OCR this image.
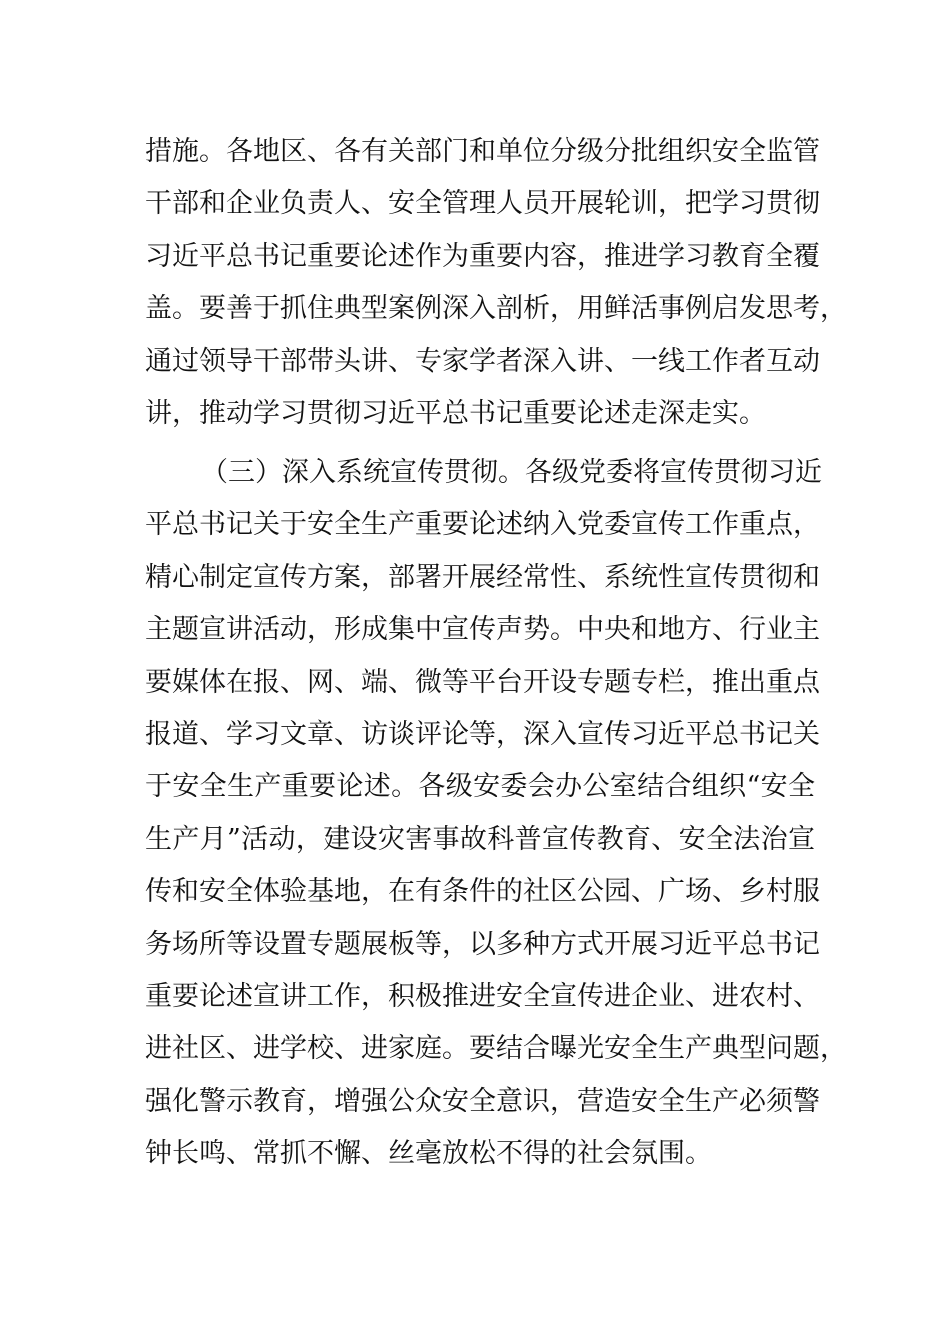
措施。各地区、各有关部门和单位分级分批组织安全监管
干部和企业负责人、安全管理人员开展轮训，把学习贯彻
习近平总书记重要论述作为重要内容，推进学习教育全覆
盖。要善于抓住典型案例深入剖析，用鲜活事例启发思考，
通过领导干部带头讲、专家学者深入讲、一线工作者互动
讲，推动学习贯彻习近平总书记重要论述走深走实。
（三）深入系统宣传贯彻。各级党委将宣传贯彻习近
平总书记关于安全生产重要论述纳入党委宣传工作重点，
精心制定宣传方案，部署开展经常性、系统性宣传贯彻和
主题宣讲活动，形成集中宣传声势。中央和地方、行业主
要媒体在报、网、端、微等平台开设专题专栏，推出重点
报道、学习文章、访谈评论等，深入宣传习近平总书记关
于安全生产重要论述。各级安委会办公室结合组织“安全
生产月”活动，建设灾害事故科普宣传教育、安全法治宣
传和安全体验基地，在有条件的社区公园、广场、乡村服
务场所等设置专题展板等，以多种方式开展习近平总书记
重要论述宣讲工作，积极推进安全宣传进企业、进农村、
进社区、进学校、进家庭。要结合曝光安全生产典型问题，
强化警示教育，增强公众安全意识，营造安全生产必须警
钟长鸣、常抓不懈、丝毫放松不得的社会氛围。
